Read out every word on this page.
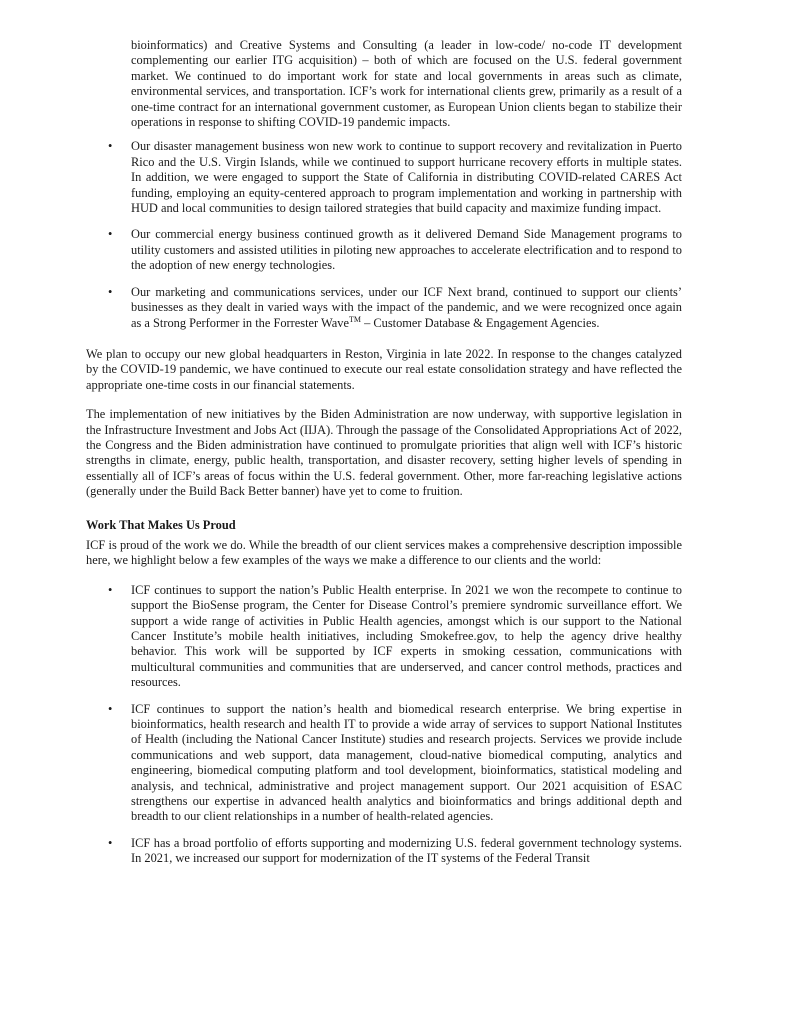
bioinformatics) and Creative Systems and Consulting (a leader in low-code/ no-code IT development complementing our earlier ITG acquisition) – both of which are focused on the U.S. federal government market. We continued to do important work for state and local governments in areas such as climate, environmental services, and transportation. ICF’s work for international clients grew, primarily as a result of a one-time contract for an international government customer, as European Union clients began to stabilize their operations in response to shifting COVID-19 pandemic impacts.

• Our disaster management business won new work to continue to support recovery and revitalization in Puerto Rico and the U.S. Virgin Islands, while we continued to support hurricane recovery efforts in multiple states. In addition, we were engaged to support the State of California in distributing COVID-related CARES Act funding, employing an equity-centered approach to program implementation and working in partnership with HUD and local communities to design tailored strategies that build capacity and maximize funding impact.
• Our commercial energy business continued growth as it delivered Demand Side Management programs to utility customers and assisted utilities in piloting new approaches to accelerate electrification and to respond to the adoption of new energy technologies.
• Our marketing and communications services, under our ICF Next brand, continued to support our clients’ businesses as they dealt in varied ways with the impact of the pandemic, and we were recognized once again as a Strong Performer in the Forrester Wave™ – Customer Database & Engagement Agencies.

We plan to occupy our new global headquarters in Reston, Virginia in late 2022. In response to the changes catalyzed by the COVID-19 pandemic, we have continued to execute our real estate consolidation strategy and have reflected the appropriate one-time costs in our financial statements.

The implementation of new initiatives by the Biden Administration are now underway, with supportive legislation in the Infrastructure Investment and Jobs Act (IIJA). Through the passage of the Consolidated Appropriations Act of 2022, the Congress and the Biden administration have continued to promulgate priorities that align well with ICF’s historic strengths in climate, energy, public health, transportation, and disaster recovery, setting higher levels of spending in essentially all of ICF’s areas of focus within the U.S. federal government. Other, more far-reaching legislative actions (generally under the Build Back Better banner) have yet to come to fruition.

Work That Makes Us Proud

ICF is proud of the work we do. While the breadth of our client services makes a comprehensive description impossible here, we highlight below a few examples of the ways we make a difference to our clients and the world:

• ICF continues to support the nation’s Public Health enterprise. In 2021 we won the recompete to continue to support the BioSense program, the Center for Disease Control’s premiere syndromic surveillance effort. We support a wide range of activities in Public Health agencies, amongst which is our support to the National Cancer Institute’s mobile health initiatives, including Smokefree.gov, to help the agency drive healthy behavior. This work will be supported by ICF experts in smoking cessation, communications with multicultural communities and communities that are underserved, and cancer control methods, practices and resources.
• ICF continues to support the nation’s health and biomedical research enterprise. We bring expertise in bioinformatics, health research and health IT to provide a wide array of services to support National Institutes of Health (including the National Cancer Institute) studies and research projects. Services we provide include communications and web support, data management, cloud-native biomedical computing, analytics and engineering, biomedical computing platform and tool development, bioinformatics, statistical modeling and analysis, and technical, administrative and project management support. Our 2021 acquisition of ESAC strengthens our expertise in advanced health analytics and bioinformatics and brings additional depth and breadth to our client relationships in a number of health-related agencies.
• ICF has a broad portfolio of efforts supporting and modernizing U.S. federal government technology systems. In 2021, we increased our support for modernization of the IT systems of the Federal Transit
